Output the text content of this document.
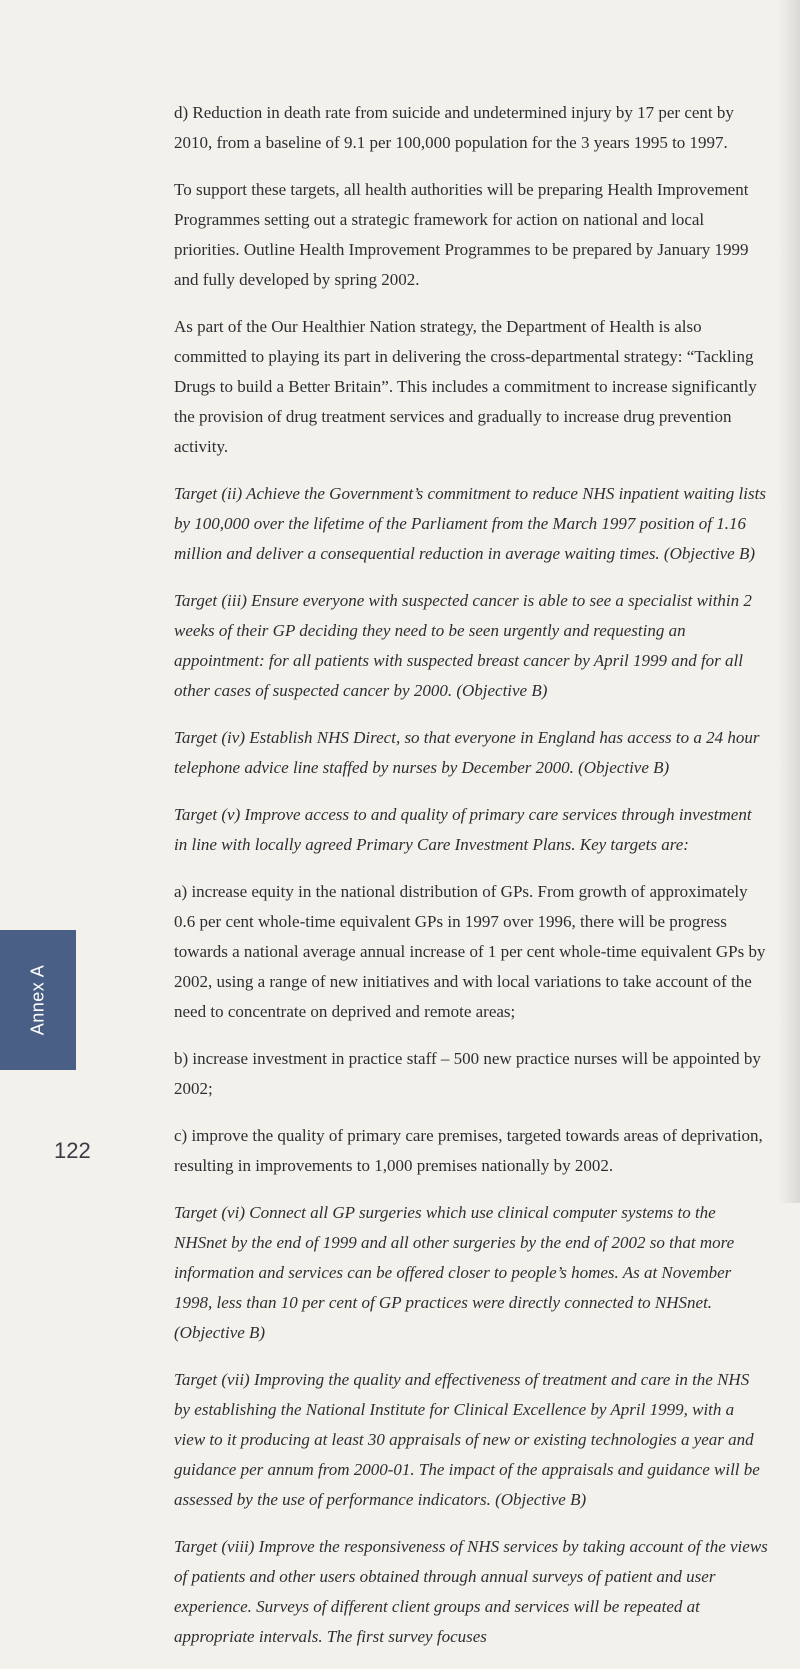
Annex A
122

d) Reduction in death rate from suicide and undetermined injury by 17 per cent by 2010, from a baseline of 9.1 per 100,000 population for the 3 years 1995 to 1997.

To support these targets, all health authorities will be preparing Health Improvement Programmes setting out a strategic framework for action on national and local priorities. Outline Health Improvement Programmes to be prepared by January 1999 and fully developed by spring 2002.

As part of the Our Healthier Nation strategy, the Department of Health is also committed to playing its part in delivering the cross-departmental strategy: “Tackling Drugs to build a Better Britain”. This includes a commitment to increase significantly the provision of drug treatment services and gradually to increase drug prevention activity.

Target (ii) Achieve the Government’s commitment to reduce NHS inpatient waiting lists by 100,000 over the lifetime of the Parliament from the March 1997 position of 1.16 million and deliver a consequential reduction in average waiting times. (Objective B)

Target (iii) Ensure everyone with suspected cancer is able to see a specialist within 2 weeks of their GP deciding they need to be seen urgently and requesting an appointment: for all patients with suspected breast cancer by April 1999 and for all other cases of suspected cancer by 2000. (Objective B)

Target (iv) Establish NHS Direct, so that everyone in England has access to a 24 hour telephone advice line staffed by nurses by December 2000. (Objective B)

Target (v) Improve access to and quality of primary care services through investment in line with locally agreed Primary Care Investment Plans. Key targets are:

a) increase equity in the national distribution of GPs. From growth of approximately 0.6 per cent whole-time equivalent GPs in 1997 over 1996, there will be progress towards a national average annual increase of 1 per cent whole-time equivalent GPs by 2002, using a range of new initiatives and with local variations to take account of the need to concentrate on deprived and remote areas;

b) increase investment in practice staff – 500 new practice nurses will be appointed by 2002;

c) improve the quality of primary care premises, targeted towards areas of deprivation, resulting in improvements to 1,000 premises nationally by 2002.

Target (vi) Connect all GP surgeries which use clinical computer systems to the NHSnet by the end of 1999 and all other surgeries by the end of 2002 so that more information and services can be offered closer to people’s homes. As at November 1998, less than 10 per cent of GP practices were directly connected to NHSnet. (Objective B)

Target (vii) Improving the quality and effectiveness of treatment and care in the NHS by establishing the National Institute for Clinical Excellence by April 1999, with a view to it producing at least 30 appraisals of new or existing technologies a year and guidance per annum from 2000-01. The impact of the appraisals and guidance will be assessed by the use of performance indicators. (Objective B)

Target (viii) Improve the responsiveness of NHS services by taking account of the views of patients and other users obtained through annual surveys of patient and user experience. Surveys of different client groups and services will be repeated at appropriate intervals. The first survey focuses
